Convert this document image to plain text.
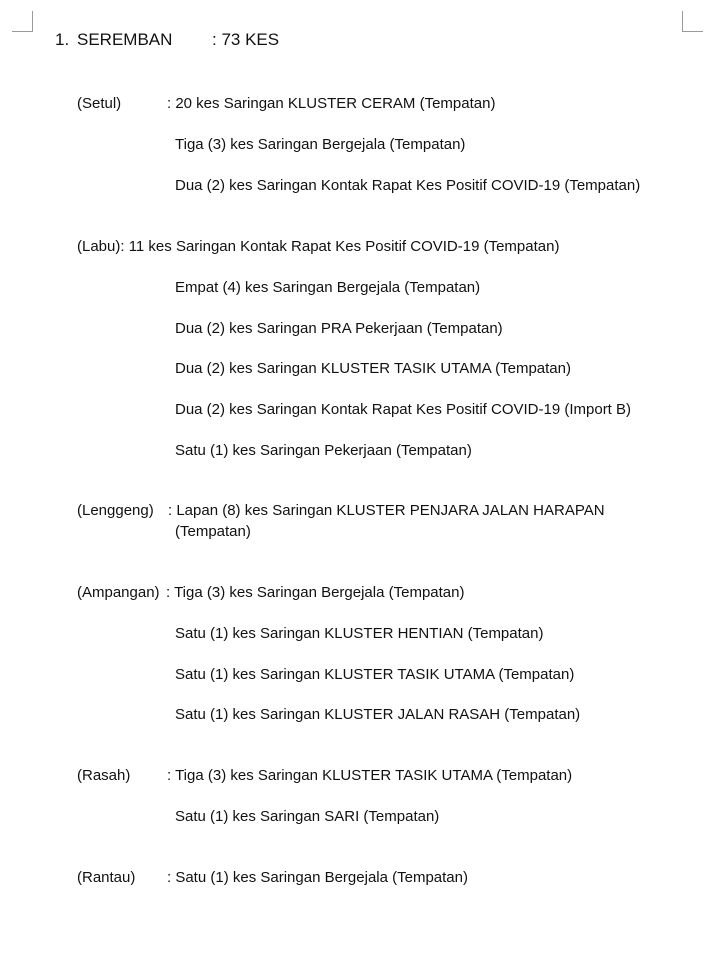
1. SEREMBAN : 73 KES
(Setul)	: 20 kes Saringan KLUSTER CERAM (Tempatan)
Tiga (3) kes Saringan Bergejala (Tempatan)
Dua (2) kes Saringan Kontak Rapat Kes Positif COVID-19 (Tempatan)
(Labu): 11 kes Saringan Kontak Rapat Kes Positif COVID-19 (Tempatan)
Empat (4) kes Saringan Bergejala (Tempatan)
Dua (2) kes Saringan PRA Pekerjaan (Tempatan)
Dua (2) kes Saringan KLUSTER TASIK UTAMA (Tempatan)
Dua (2) kes Saringan Kontak Rapat Kes Positif COVID-19 (Import B)
Satu (1) kes Saringan Pekerjaan (Tempatan)
(Lenggeng) : Lapan (8) kes Saringan KLUSTER PENJARA JALAN HARAPAN
(Tempatan)
(Ampangan) : Tiga (3) kes Saringan Bergejala (Tempatan)
Satu (1) kes Saringan KLUSTER HENTIAN (Tempatan)
Satu (1) kes Saringan KLUSTER TASIK UTAMA (Tempatan)
Satu (1) kes Saringan KLUSTER JALAN RASAH (Tempatan)
(Rasah) : Tiga (3) kes Saringan KLUSTER TASIK UTAMA (Tempatan)
Satu (1) kes Saringan SARI (Tempatan)
(Rantau) : Satu (1) kes Saringan Bergejala (Tempatan)
